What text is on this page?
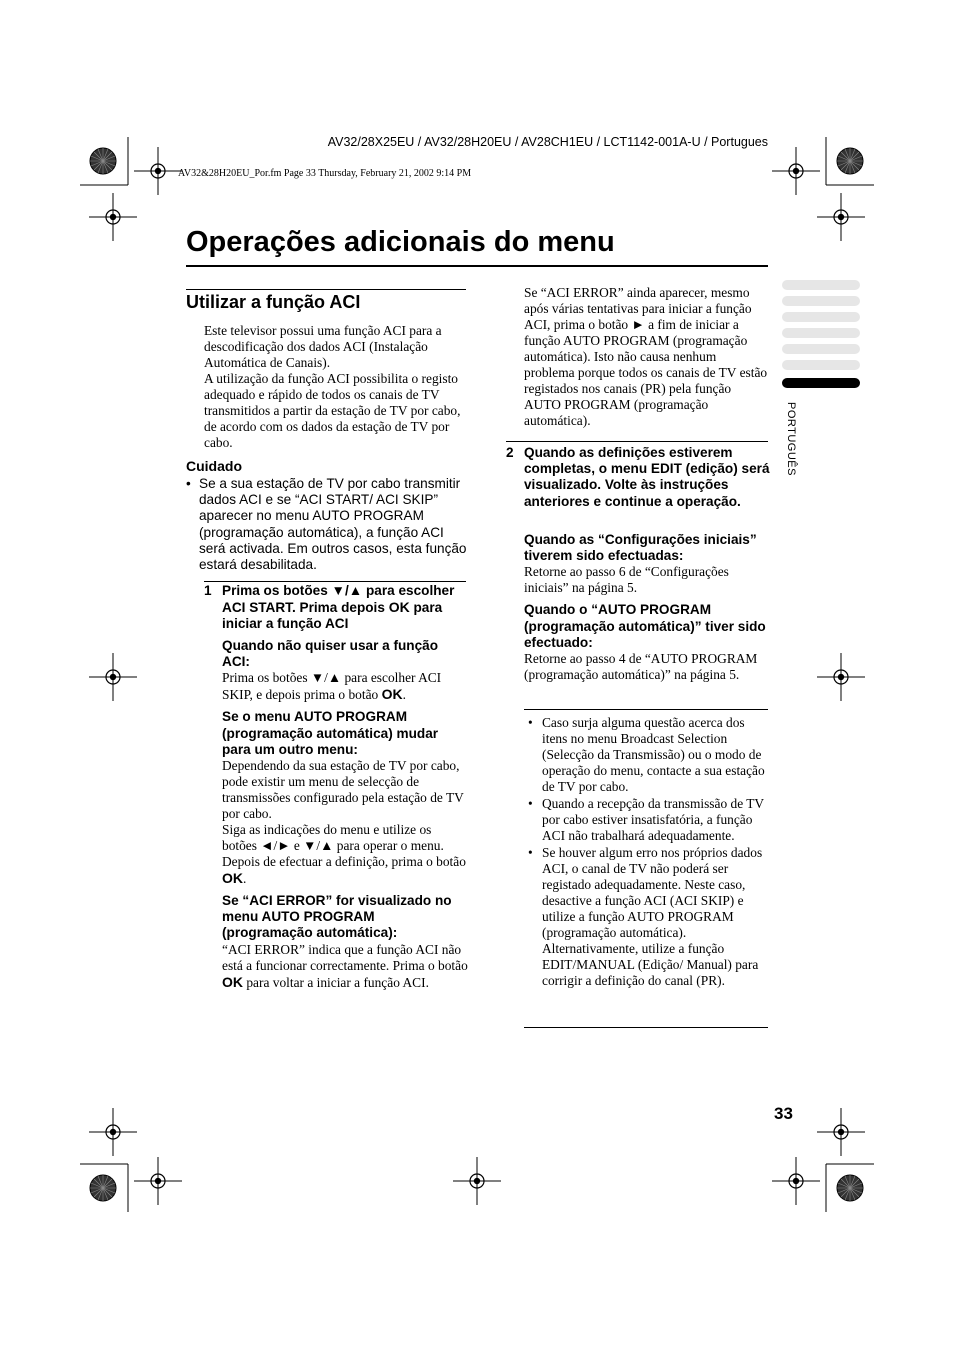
AV32/28X25EU / AV32/28H20EU / AV28CH1EU / LCT1142-001A-U / Portugues
AV32&28H20EU_Por.fm Page 33 Thursday, February 21, 2002 9:14 PM
Operações adicionais do menu
PORTUGUÊS
Utilizar a função ACI
Este televisor possui uma função ACI para a descodificação dos dados ACI (Instalação Automática de Canais).
A utilização da função ACI possibilita o registo adequado e rápido de todos os canais de TV transmitidos a partir da estação de TV por cabo, de acordo com os dados da estação de TV por cabo.
Cuidado
• Se a sua estação de TV por cabo transmitir dados ACI e se “ACI START/ ACI SKIP” aparecer no menu AUTO PROGRAM (programação automática), a função ACI será activada. Em outros casos, esta função estará desabilitada.
1 Prima os botões ▼/▲ para escolher ACI START. Prima depois OK para iniciar a função ACI
Quando não quiser usar a função ACI:
Prima os botões ▼/▲ para escolher ACI SKIP, e depois prima o botão OK.
Se o menu AUTO PROGRAM (programação automática) mudar para um outro menu:
Dependendo da sua estação de TV por cabo, pode existir um menu de selecção de transmissões configurado pela estação de TV por cabo.
Siga as indicações do menu e utilize os botões ◄/► e ▼/▲ para operar o menu. Depois de efectuar a definição, prima o botão OK.
Se “ACI ERROR” for visualizado no menu AUTO PROGRAM (programação automática):
“ACI ERROR” indica que a função ACI não está a funcionar correctamente. Prima o botão OK para voltar a iniciar a função ACI.
Se “ACI ERROR” ainda aparecer, mesmo após várias tentativas para iniciar a função ACI, prima o botão ► a fim de iniciar a função AUTO PROGRAM (programação automática). Isto não causa nenhum problema porque todos os canais de TV estão registados nos canais (PR) pela função AUTO PROGRAM (programação automática).
2 Quando as definições estiverem completas, o menu EDIT (edição) será visualizado. Volte às instruções anteriores e continue a operação.
Quando as “Configurações iniciais” tiverem sido efectuadas:
Retorne ao passo 6 de “Configurações iniciais” na página 5.
Quando o “AUTO PROGRAM (programação automática)” tiver sido efectuado:
Retorne ao passo 4 de “AUTO PROGRAM (programação automática)” na página 5.
• Caso surja alguma questão acerca dos itens no menu Broadcast Selection (Selecção da Transmissão) ou o modo de operação do menu, contacte a sua estação de TV por cabo.
• Quando a recepção da transmissão de TV por cabo estiver insatisfatória, a função ACI não trabalhará adequadamente.
• Se houver algum erro nos próprios dados ACI, o canal de TV não poderá ser registado adequadamente. Neste caso, desactive a função ACI (ACI SKIP) e utilize a função AUTO PROGRAM (programação automática). Alternativamente, utilize a função EDIT/MANUAL (Edição/ Manual) para corrigir a definição do canal (PR).
33
